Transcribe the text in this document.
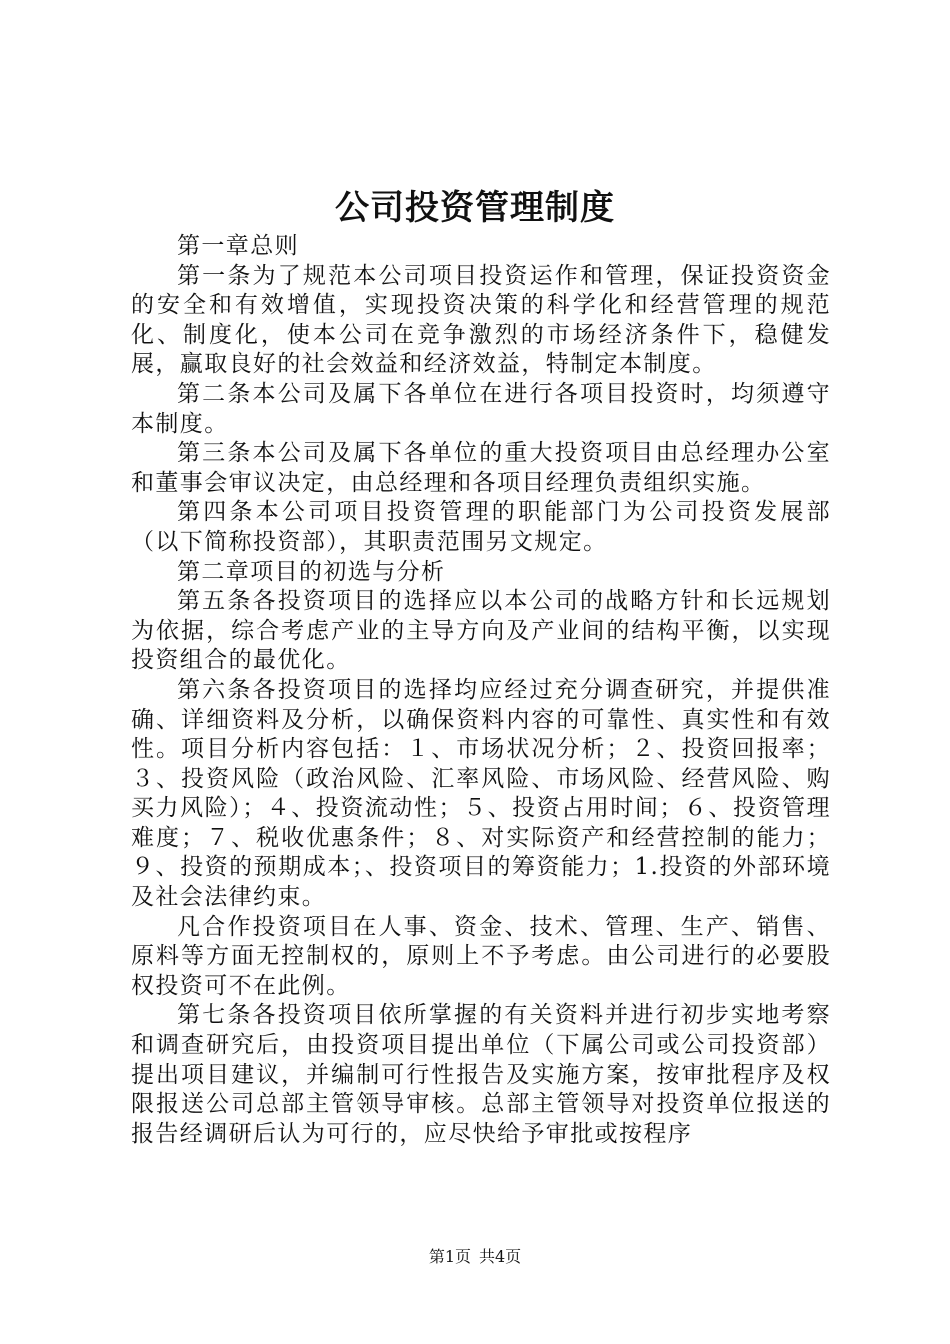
公司投资管理制度

第一章总则

第一条为了规范本公司项目投资运作和管理，保证投资资金的安全和有效增值，实现投资决策的科学化和经营管理的规范化、制度化，使本公司在竞争激烈的市场经济条件下，稳健发展，赢取良好的社会效益和经济效益，特制定本制度。

第二条本公司及属下各单位在进行各项目投资时，均须遵守本制度。

第三条本公司及属下各单位的重大投资项目由总经理办公室和董事会审议决定，由总经理和各项目经理负责组织实施。

第四条本公司项目投资管理的职能部门为公司投资发展部（以下简称投资部），其职责范围另文规定。

第二章项目的初选与分析

第五条各投资项目的选择应以本公司的战略方针和长远规划为依据，综合考虑产业的主导方向及产业间的结构平衡，以实现投资组合的最优化。

第六条各投资项目的选择均应经过充分调查研究，并提供准确、详细资料及分析，以确保资料内容的可靠性、真实性和有效性。项目分析内容包括：１、市场状况分析；２、投资回报率；３、投资风险（政治风险、汇率风险、市场风险、经营风险、购买力风险）；４、投资流动性；５、投资占用时间；６、投资管理难度；７、税收优惠条件；８、对实际资产和经营控制的能力；９、投资的预期成本；、投资项目的筹资能力；1.投资的外部环境及社会法律约束。

凡合作投资项目在人事、资金、技术、管理、生产、销售、原料等方面无控制权的，原则上不予考虑。由公司进行的必要股权投资可不在此例。

第七条各投资项目依所掌握的有关资料并进行初步实地考察和调查研究后，由投资项目提出单位（下属公司或公司投资部）提出项目建议，并编制可行性报告及实施方案，按审批程序及权限报送公司总部主管领导审核。总部主管领导对投资单位报送的报告经调研后认为可行的，应尽快给予审批或按程序

第1页 共4页
